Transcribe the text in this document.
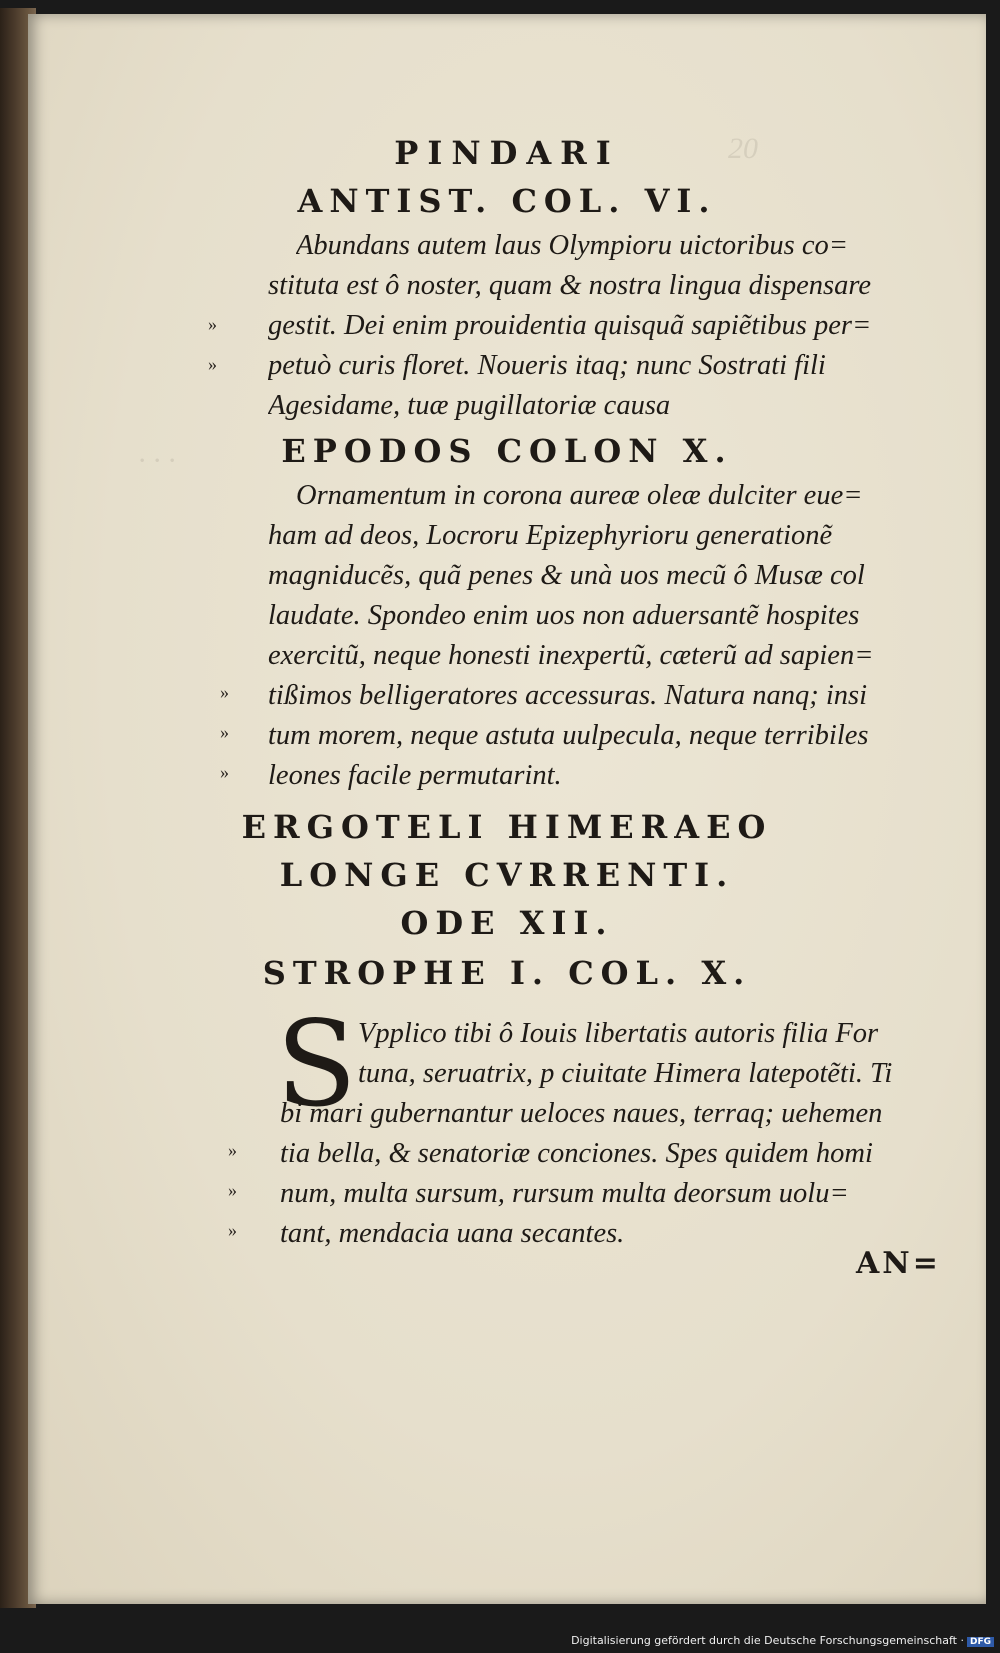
20
· · ·
PINDARI
ANTIST. COL. VI.
Abundans autem laus Olympioru uictoribus co=
stituta est ô noster, quam & nostra lingua dispensare
gestit. Dei enim prouidentia quisquã sapiẽtibus per=
petuò curis floret. Noueris itaq; nunc Sostrati fili
Agesidame, tuæ pugillatoriæ causa
EPODOS COLON X.
Ornamentum in corona aureæ oleæ dulciter eue=
ham ad deos, Locroru Epizephyrioru generationẽ
magniducẽs, quã penes & unà uos mecũ ô Musæ col
laudate. Spondeo enim uos non aduersantẽ hospites
exercitũ, neque honesti inexpertũ, cæterũ ad sapien=
tißimos belligeratores accessuras. Natura nanq; insi
tum morem, neque astuta uulpecula, neque terribiles
leones facile permutarint.
ERGOTELI HIMERAEO
LONGE CVRRENTI.
ODE XII.
STROPHE I. COL. X.
S Vpplico tibi ô Iouis libertatis autoris filia For
tuna, seruatrix, p ciuitate Himera latepotẽti. Ti
bi mari gubernantur ueloces naues, terraq; uehemen
tia bella, & senatoriæ conciones. Spes quidem homi
num, multa sursum, rursum multa deorsum uolu=
tant, mendacia uana secantes.
AN=
»
»
»
»
»
»
»
»
Digitalisierung gefördert durch die Deutsche Forschungsgemeinschaft · DFG
